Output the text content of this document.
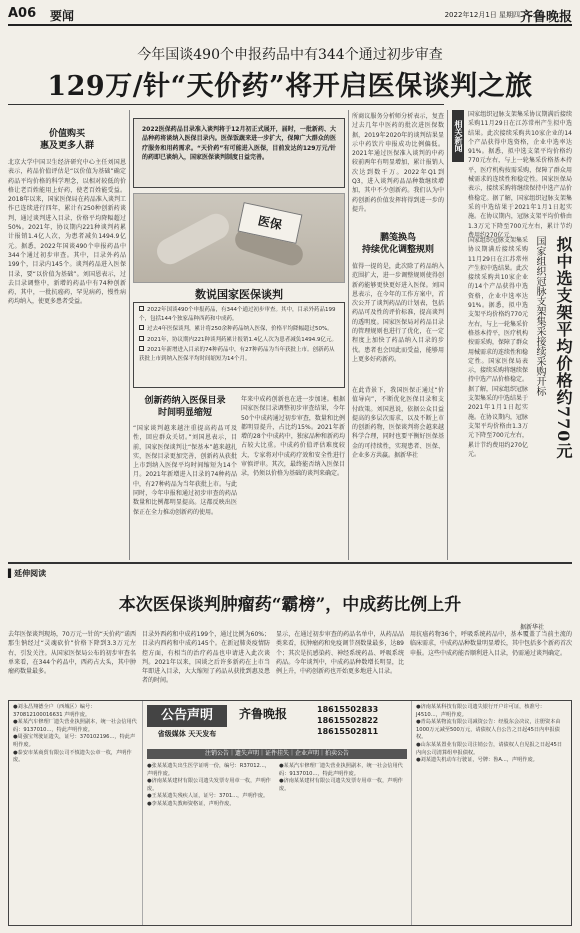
A06 要闻	2022年12月1日 星期四 齐鲁晚报
今年国谈490个申报药品中有344个通过初步审查
129万/针“天价药”将开启医保谈判之旅
价值购买
惠及更多人群
北京大学中国卫生经济研究中心主任刘国恩表示，药品价值评估是“以价值为基础”确定药品平均价格的科学理念，以相对较低的价格让老百姓能用上好药，使老百姓能受益。2018年以来，国家医保局在药品准入谈判工作已连续进行四年，累计有250种创新药谈判，通过谈判进入目录，价格平均降幅超过50%。2021年，协议期内221种谈判药累计报销1.4亿人次，为患者减负1494.9亿元。据悉，2022年国谈490个申报药品中344个通过初步审查。其中，目录外药品199个，目录内145个。谈判药品进入医保目录，要“以价值为基础”。刘国恩表示，过去目录调整中，新增的药品中有74种创新药，其中，一批抗癌药，罕见病药，慢性病药均纳入，使更多患者受益。
2022医保药品目录准入谈判将于12月初正式展开，届时，一批新药、大品种药将谈纳入医保目录内。医保饭蔬来进一步扩大，保障广大群众的医疗服务和用药需求。“天价药”有可能进入医保，目前发达的129万元/针的药即已谈纳入，国家医保谈判制度日益完善。
医保
数说国家医保谈判
2022年国谈490个申报药品，有344个通过初步审查。其中，目录外药品199个，包括144个独家品种西药和中成药。
过去4年医保谈判，累计将250余种药品纳入医保，价格平均降幅超过50%。
2021年，协议期内221种谈判药累计报销1.4亿人次为患者减负1494.9亿元。
2021年新增进入目录的74种药品中，有27种药品为当年获批上市。创新药从获批上市到纳入医保平均时间缩短为14个月。
创新药纳入医保目录
时间明显缩短
“国家谈判越来越注重提高药品可及性，回应群众关切。”刘国恩表示，目前，国家医保谈判让“保基本”越来越扎实，医保目录更加完善，创新药从获批上市到纳入医保平均时间缩短为14个月。2021年新增进入目录的74种药品中，有27种药品为当年获批上市。与此同时，今年申报和通过初步审查的药品数量和比例都明显提高。这都反映出医保正在全力推动创新药的使用。
年来中成药创新也在进一步加速。根据国家医保目录调整初步审查结果，今年50个中成药通过初步审查，数量和比例都明显提升，占比约15%。2021年新增的28个中成药中，独家品种和新药均占较大比重。中成药价值评估难度较大，专家将对中成药疗效和安全性进行审慎评审。其次，最终能否纳入医保目录，仍须以价格为基础的谈判来确定。
所商议服务分析师分析表示，复查过去几年中医药的批次进医保数据，2019年2020年的谈判结果显示中药饮片申报成功比例偏低。2021年通过医保准入谈判的中药较前两年有明显增加，累计报销人次达到数千万。2022年Q1到Q3，进入谈判药品品种数继续增加，其中不少创新药。我们认为中药创新药价值发挥将得到进一步的提升。
鹏笺换鸟
持续优化调整规则
值得一提的是，此次除了药品纳入范围扩大，进一步调整规则使得创新药能够更快更好进入医保。刘国恩表示，在今年的工作方案中，首次公开了谈判药品的计划表，包括药品可及性的评价标准，提高谈判的透明度。国家医保局对药品目录的管理规则也进行了优化，在一定程度上加快了药品纳入目录的步伐。患者也会因此而受益，能够用上更多好药新药。
在此背景下，我国医保正通过“价值导向”，不断优化医保目录和支付政策。刘国恩说，依据公众目益提高的多层次需求，以及不断上市的创新药物，医保谈判将会越来越科学合理，同时也要平衡好医保基金的可持续性，实现患者、医保、企业多方共赢。据新华社
相关新闻
国家组织冠脉支架集采协议期满后接续采购11月29日在江苏常州产生拟中选结果。此次接续采购共10家企业的14个产品获得中选资格，企业中选率达91%。据悉，拟中选支架平均价格约770元左右，与上一轮集采价格基本持平，医疗机构按需采购，保障了群众用械需求的连续性和稳定性。国家医保局表示，接续采购将继续保持中选产品价格稳定。据了解，国家组织冠脉支架集采的中选结果于2021年1月1日起实施。在协议期内，冠脉支架平均价格由1.3万元下降至700元左右，累计节约费用约270亿元。
国家组织冠脉支架集采协议期满后接续采购11月29日在江苏常州产生拟中选结果。此次接续采购共10家企业的14个产品获得中选资格，企业中选率达91%。据悉，拟中选支架平均价格约770元左右，与上一轮集采价格基本持平，医疗机构按需采购，保障了群众用械需求的连续性和稳定性。国家医保局表示，接续采购将继续保持中选产品价格稳定。据了解，国家组织冠脉支架集采的中选结果于2021年1月1日起实施。在协议期内，冠脉支架平均价格由1.3万元下降至700元左右，累计节约费用约270亿元。
国家组织冠脉支架集采接续采购开标 拟中选支架平均价格约770元
▌延伸阅读
本次医保谈判肿瘤药“霸榜”，中成药比例上升
据新华社
去年医保谈判现场，70万元一针的“天价药”诺西那生钠经过“灵魂砍价”价格下降到3.3万元左右，引发关注。从国家医保局公布的初步审查名单来看，在344个药品中，西药占大头，其中肿瘤药数量最多。
目录外西药和中成药199个，通过比例为60%；目录内西药和中成药145个。在新冠肺炎疫情防控方面，有相当的治疗药品也申请进入此次谈判。2021年以来，国谈之后许多新药在上市当年即进入目录，大大缩短了药品从获批到惠及患者的时间。
显示，在通过初步审查的药品名单中，从药品品类来看，抗肿瘤药和免疫调节剂数量最多，达89个；其次是抗感染药、神经系统药品、呼吸系统药品。今年谈判中，中成药品种数增长明显，比例上升，中药创新药也开始更多地进入目录。
用抗癌药物36个，呼吸系统药品中，基本覆盖了当前主流的临床需求，中成药品种数量明显增长，其中包括多个新药首次申报。这些中成药能否顺利进入目录，仍需通过谈判确定。
●刘永昌翔德全户（西城区）编号：370812100016631 声明作废。
●某某汽车修理厂遗失营业执照副本，统一社会信用代码：9137010...，特此声明作废。
●周强宝驾驶证遗失，证号：370102196...，特此声明作废。
●泰安市某商贸有限公司不慎遗失公章一枚，声明作废。
公告声明
省级媒体 天天发布
齐鲁晚报	18615502833
18615502822
18615502811
注销公告｜遗失声明｜证件挂失｜企业声明｜拍卖公告
●张某某遗失出生医学证明一份，编号：R37012...，声明作废。
●济南某某建材有限公司遗失发票专用章一枚，声明作废。
●王某某遗失残疾人证，证号：3701...，声明作废。
●李某某遗失教师资格证，声明作废。
●某某汽车修理厂遗失营业执照副本，统一社会信用代码：9137010...，特此声明作废。
●济南某某建材有限公司遗失发票专用章一枚，声明作废。
●济南某某科技有限公司遗失银行开户许可证，核准号：J4510...，声明作废。
●青岛某某物流有限公司减资公告：经股东会决议，注册资本由1000万元减至500万元，请债权人自公告之日起45日内申报债权。
●山东某某置业有限公司注销公告，请债权人自见报之日起45日内向公司清算组申报债权。
●刘某遗失机动车行驶证，号牌：鲁A...，声明作废。
